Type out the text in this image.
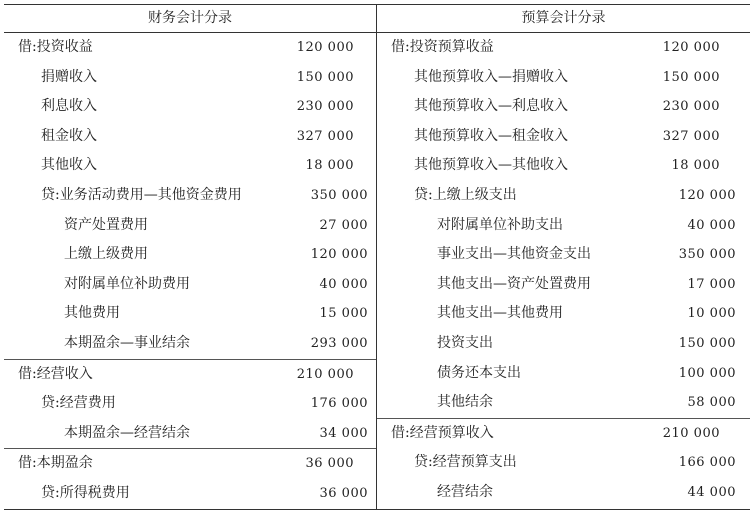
财务会计分录	预算会计分录
借:投资收益	120 000
捐赠收入	150 000
利息收入	230 000
租金收入	327 000
其他收入	18 000
贷:业务活动费用—其他资金费用	350 000
资产处置费用	27 000
上缴上级费用	120 000
对附属单位补助费用	40 000
其他费用	15 000
本期盈余—事业结余	293 000
借:经营收入	210 000
贷:经营费用	176 000
本期盈余—经营结余	34 000
借:本期盈余	36 000
贷:所得税费用	36 000
借:投资预算收益	120 000
其他预算收入—捐赠收入	150 000
其他预算收入—利息收入	230 000
其他预算收入—租金收入	327 000
其他预算收入—其他收入	18 000
贷:上缴上级支出	120 000
对附属单位补助支出	40 000
事业支出—其他资金支出	350 000
其他支出—资产处置费用	17 000
其他支出—其他费用	10 000
投资支出	150 000
债务还本支出	100 000
其他结余	58 000
借:经营预算收入	210 000
贷:经营预算支出	166 000
经营结余	44 000
